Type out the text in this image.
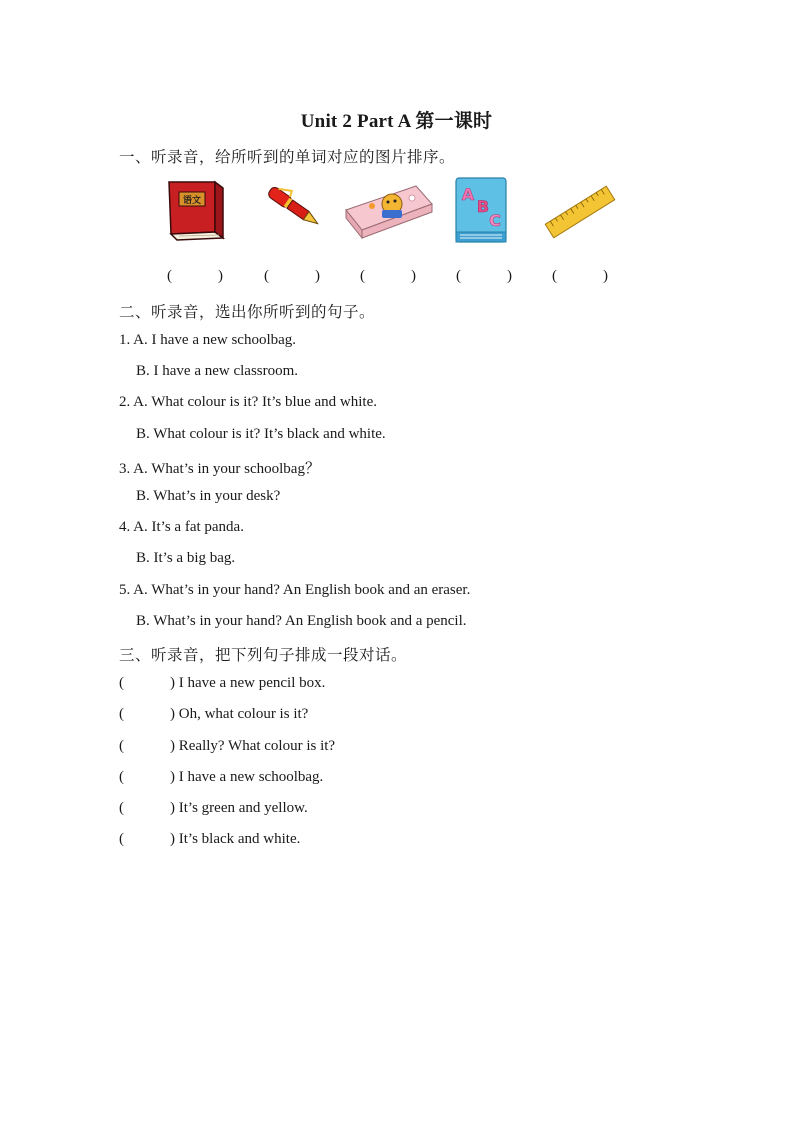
Unit 2 Part A 第一课时
一、听录音，给所听到的单词对应的图片排序。
语文	A
B
C
(	)	(	)	(	)	(	)	(	)
二、听录音，选出你所听到的句子。
1. A. I have a new schoolbag.
B. I have a new classroom.
2. A. What colour is it? It’s blue and white.
B. What colour is it? It’s black and white.
3. A. What’s in your schoolbag？
B. What’s in your desk?
4. A. It’s a fat panda.
B. It’s a big bag.
5. A. What’s in your hand? An English book and an eraser.
B. What’s in your hand? An English book and a pencil.
三、听录音，把下列句子排成一段对话。
(	) I have a new pencil box.
(	) Oh, what colour is it?
(	) Really? What colour is it?
(	) I have a new schoolbag.
(	) It’s green and yellow.
(	) It’s black and white.
